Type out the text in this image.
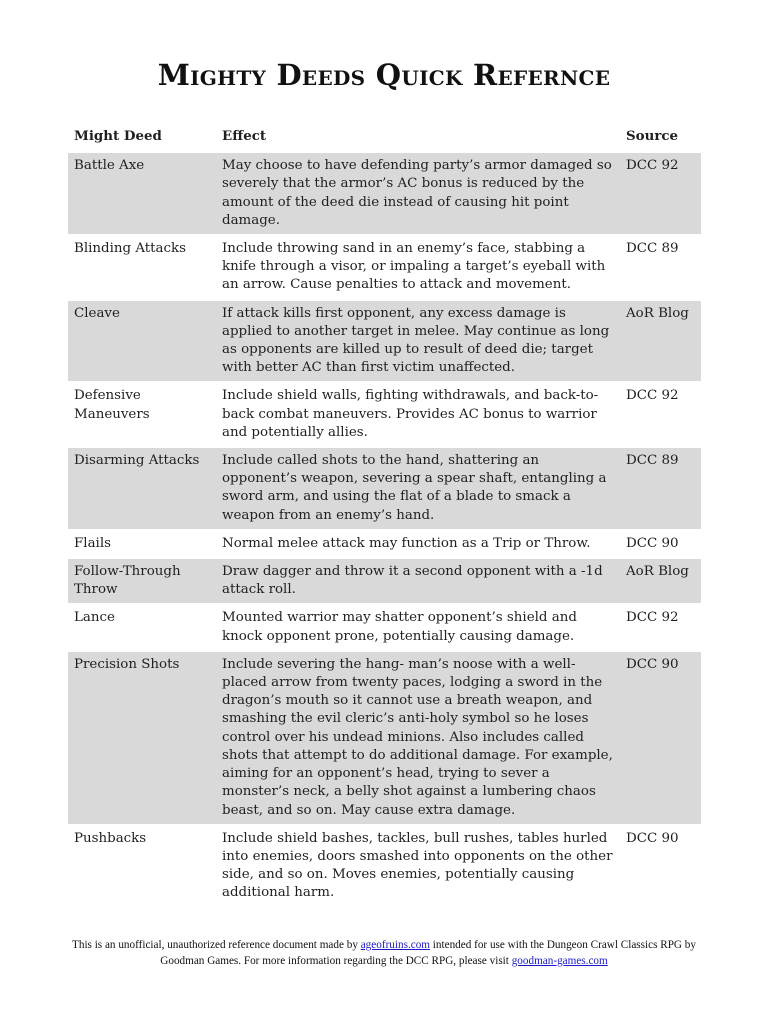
Mighty Deeds Quick Refernce
Might Deed	Effect	Source
Battle Axe	May choose to have defending party’s armor damaged so severely that the armor’s AC bonus is reduced by the amount of the deed die instead of causing hit point damage.	DCC 92
Blinding Attacks	Include throwing sand in an enemy’s face, stabbing a knife through a visor, or impaling a target’s eyeball with an arrow. Cause penalties to attack and movement.	DCC 89
Cleave	If attack kills first opponent, any excess damage is applied to another target in melee. May continue as long as opponents are killed up to result of deed die; target with better AC than first victim unaffected.	AoR Blog
Defensive Maneuvers	Include shield walls, fighting withdrawals, and back-to-back combat maneuvers. Provides AC bonus to warrior and potentially allies.	DCC 92
Disarming Attacks	Include called shots to the hand, shattering an opponent’s weapon, severing a spear shaft, entangling a sword arm, and using the flat of a blade to smack a weapon from an enemy’s hand.	DCC 89
Flails	Normal melee attack may function as a Trip or Throw.	DCC 90
Follow-Through Throw	Draw dagger and throw it a second opponent with a -1d attack roll.	AoR Blog
Lance	Mounted warrior may shatter opponent’s shield and knock opponent prone, potentially causing damage.	DCC 92
Precision Shots	Include severing the hang- man’s noose with a well-placed arrow from twenty paces, lodging a sword in the dragon’s mouth so it cannot use a breath weapon, and smashing the evil cleric’s anti-holy symbol so he loses control over his undead minions. Also includes called shots that attempt to do additional damage. For example, aiming for an opponent’s head, trying to sever a monster’s neck, a belly shot against a lumbering chaos beast, and so on. May cause extra damage.	DCC 90
Pushbacks	Include shield bashes, tackles, bull rushes, tables hurled into enemies, doors smashed into opponents on the other side, and so on. Moves enemies, potentially causing additional harm.	DCC 90
This is an unofficial, unauthorized reference document made by ageofruins.com intended for use with the Dungeon Crawl Classics RPG by Goodman Games. For more information regarding the DCC RPG, please visit goodman-games.com
